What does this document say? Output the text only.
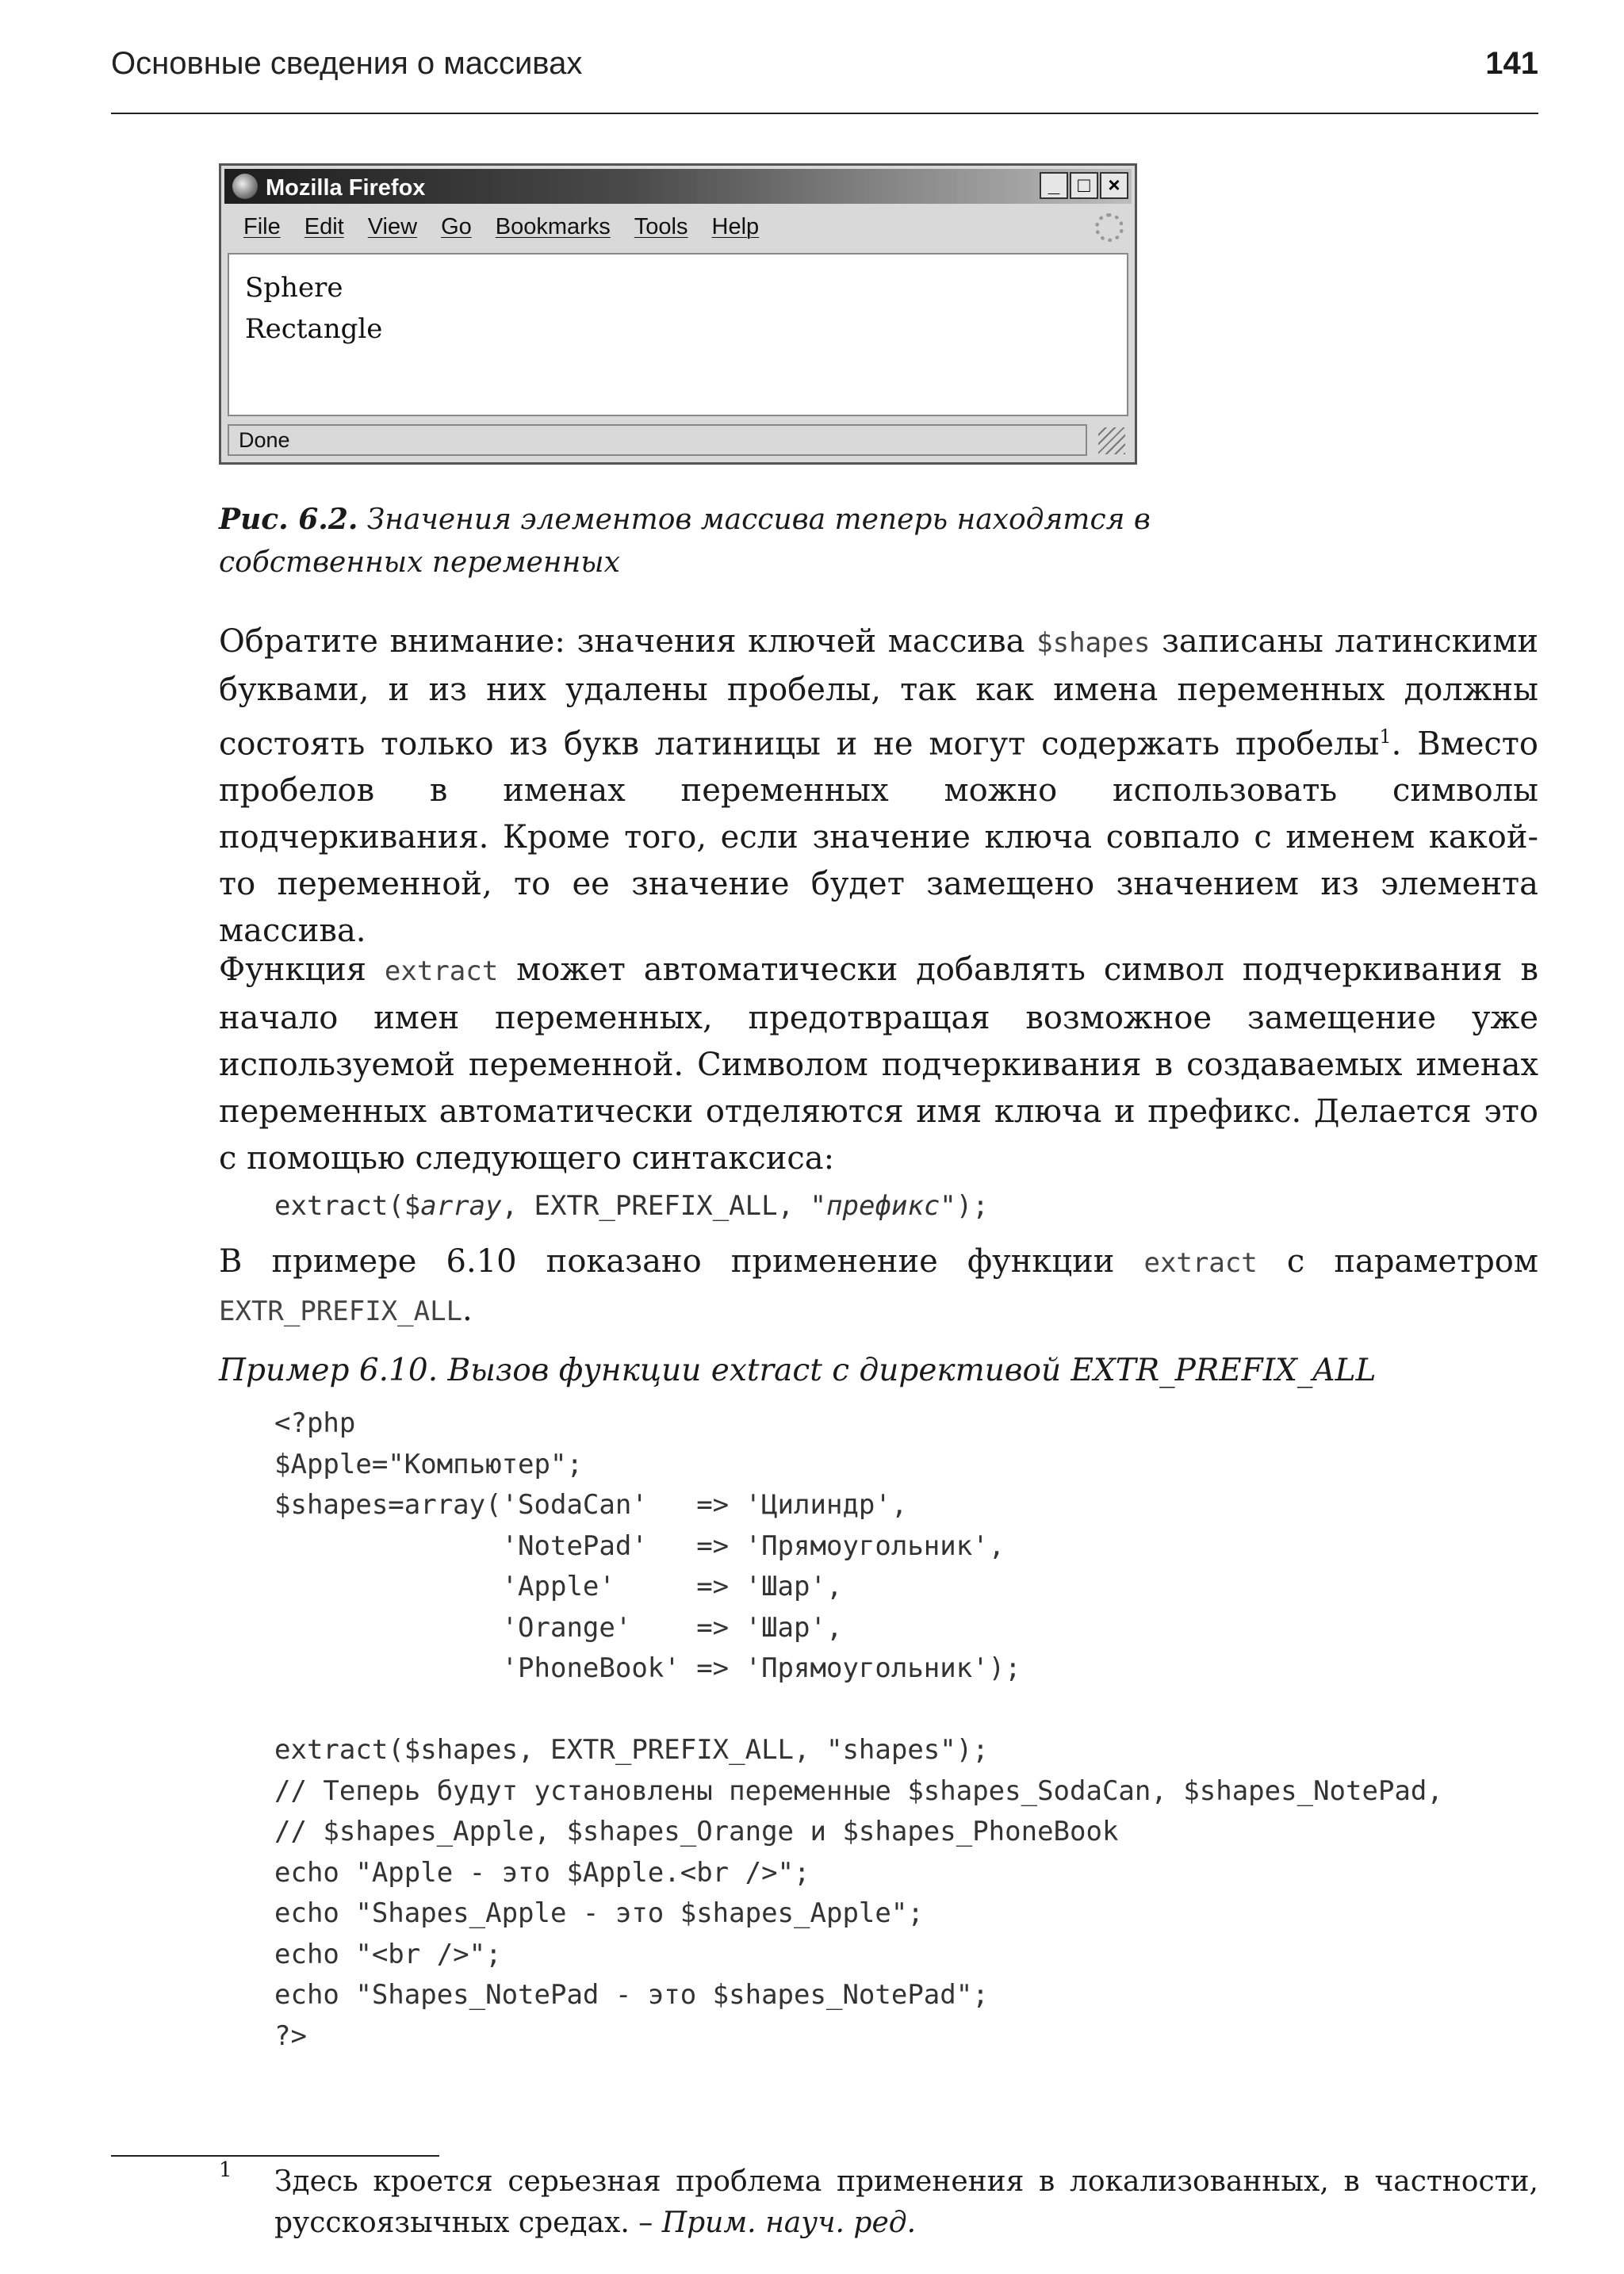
Основные сведения о массивах	141
Mozilla Firefox	_ □ ×
File Edit View Go Bookmarks Tools Help
Sphere
Rectangle
Done
Рис. 6.2. Значения элементов массива теперь находятся в собственных переменных

Обратите внимание: значения ключей массива $shapes записаны латинскими буквами, и из них удалены пробелы, так как имена переменных должны состоять только из букв латиницы и не могут содержать пробелы$^1$. Вместо пробелов в именах переменных можно использовать символы подчеркивания. Кроме того, если значение ключа совпало с именем какой-то переменной, то ее значение будет замещено значением из элемента массива.

Функция extract может автоматически добавлять символ подчеркивания в начало имен переменных, предотвращая возможное замещение уже используемой переменной. Символом подчеркивания в создаваемых именах переменных автоматически отделяются имя ключа и префикс. Делается это с помощью следующего синтаксиса:

extract($array, EXTR_PREFIX_ALL, "префикс");

В примере 6.10 показано применение функции extract с параметром EXTR_PREFIX_ALL.

Пример 6.10. Вызов функции extract с директивой EXTR_PREFIX_ALL
<?php
$Apple="Компьютер";
$shapes=array('SodaCan'   => 'Цилиндр',
'NotePad'   => 'Прямоугольник',
'Apple'     => 'Шар',
'Orange'    => 'Шар',
'PhoneBook' => 'Прямоугольник');

extract($shapes, EXTR_PREFIX_ALL, "shapes");
// Теперь будут установлены переменные $shapes_SodaCan, $shapes_NotePad,
// $shapes_Apple, $shapes_Orange и $shapes_PhoneBook
echo "Apple - это $Apple.<br />";
echo "Shapes_Apple - это $shapes_Apple";
echo "<br />";
echo "Shapes_NotePad - это $shapes_NotePad";
?>
1 Здесь кроется серьезная проблема применения в локализованных, в частности, русскоязычных средах. – Прим. науч. ред.
